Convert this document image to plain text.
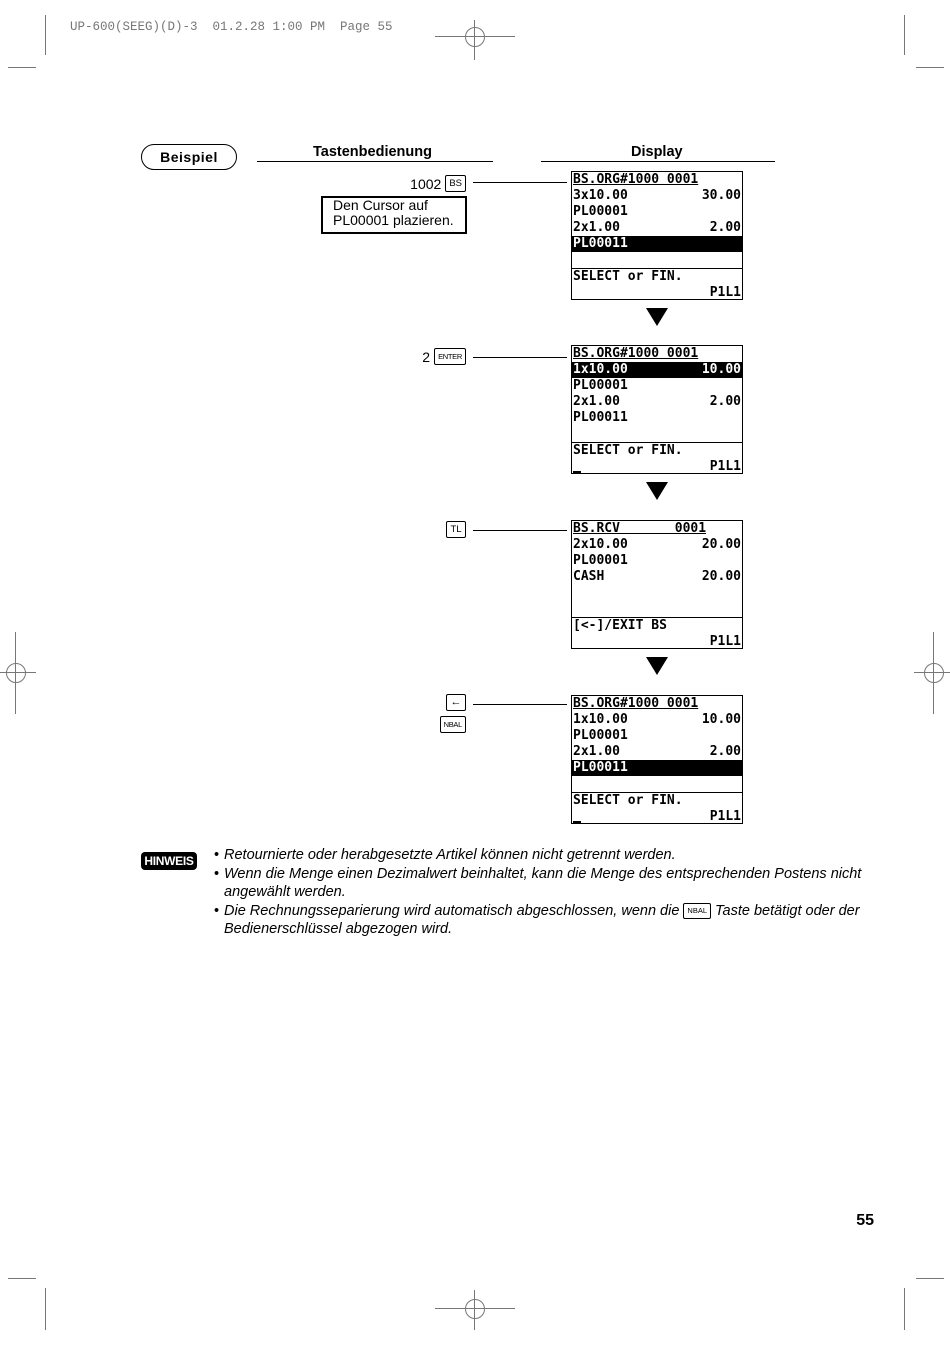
UP-600(SEEG)(D)-3  01.2.28 1:00 PM  Page 55
Beispiel	Tastenbedienung	Display
1002 BS
Den Cursor auf
PL00001 plazieren.
BS.ORG#1000 0001
3x10.00	30.00
PL00001
2x1.00	2.00
PL00011
SELECT or FIN.
P1L1
2	ENTER	BS.ORG#1000 0001
1x10.00	10.00
PL00001
2x1.00	2.00
PL00011
SELECT or FIN.
P1L1
TL	BS.RCV       0001
2x10.00	20.00
PL00001
CASH	20.00
[<-]/EXIT BS
P1L1
←
NBAL
BS.ORG#1000 0001
1x10.00	10.00
PL00001
2x1.00	2.00
PL00011
SELECT or FIN.
P1L1
HINWEIS
•	Retournierte oder herabgesetzte Artikel können nicht getrennt werden.
• Wenn die Menge einen Dezimalwert beinhaltet, kann die Menge des entsprechenden Postens nicht angewählt werden.
• Die Rechnungsseparierung wird automatisch abgeschlossen, wenn die NBAL Taste betätigt oder der Bedienerschlüssel abgezogen wird.
55
